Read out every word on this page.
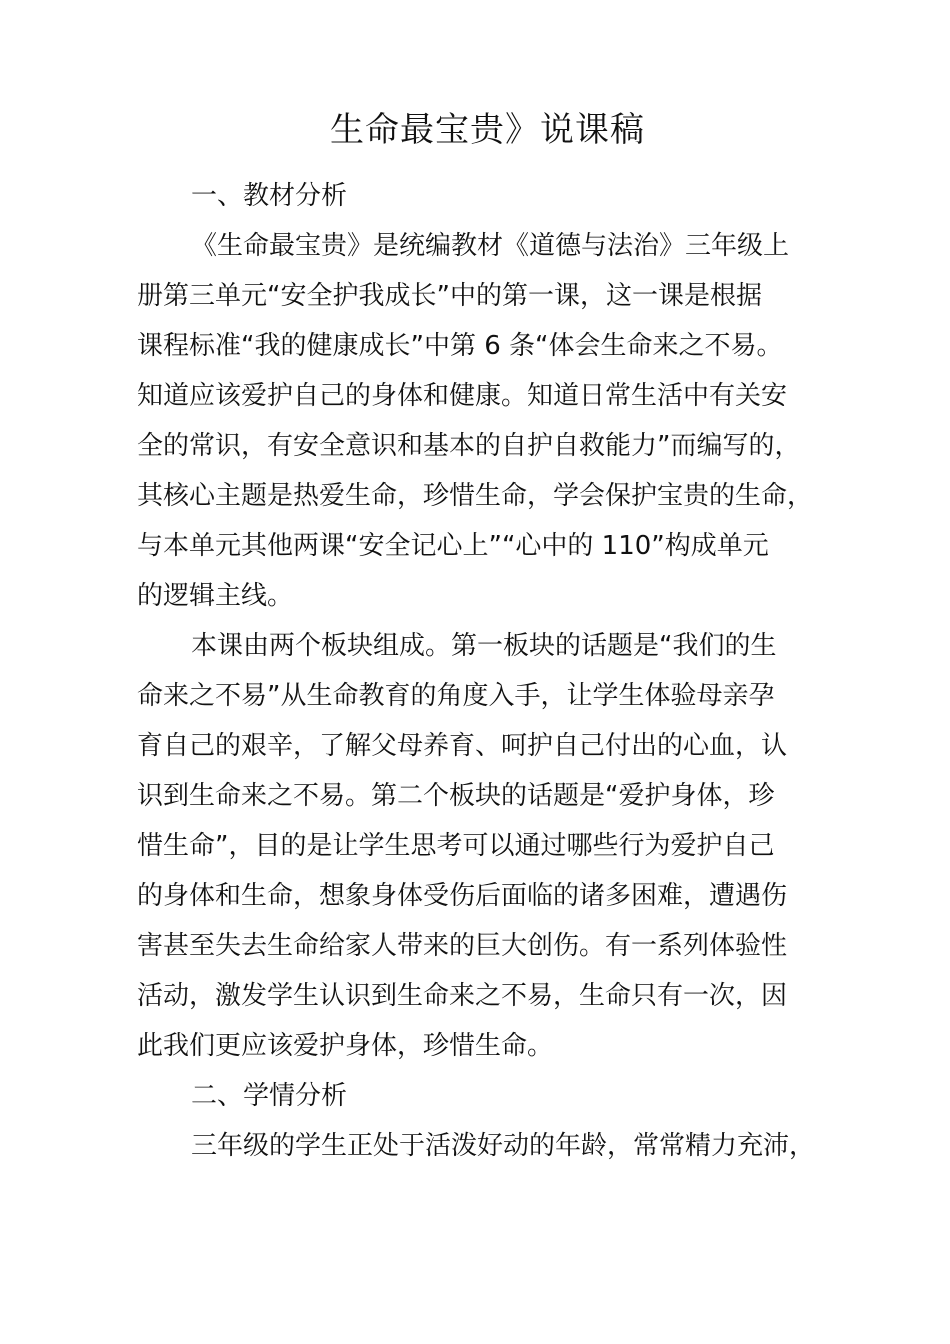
生命最宝贵》说课稿
一、教材分析
《生命最宝贵》是统编教材《道德与法治》三年级上
册第三单元“安全护我成长”中的第一课，这一课是根据
课程标准“我的健康成长”中第 6 条“体会生命来之不易。
知道应该爱护自己的身体和健康。知道日常生活中有关安
全的常识，有安全意识和基本的自护自救能力”而编写的，
其核心主题是热爱生命，珍惜生命，学会保护宝贵的生命，
与本单元其他两课“安全记心上”“心中的 110”构成单元
的逻辑主线。
本课由两个板块组成。第一板块的话题是“我们的生
命来之不易”从生命教育的角度入手，让学生体验母亲孕
育自己的艰辛，了解父母养育、呵护自己付出的心血，认
识到生命来之不易。第二个板块的话题是“爱护身体，珍
惜生命”，目的是让学生思考可以通过哪些行为爱护自己
的身体和生命，想象身体受伤后面临的诸多困难，遭遇伤
害甚至失去生命给家人带来的巨大创伤。有一系列体验性
活动，激发学生认识到生命来之不易，生命只有一次，因
此我们更应该爱护身体，珍惜生命。
二、学情分析
三年级的学生正处于活泼好动的年龄，常常精力充沛，
